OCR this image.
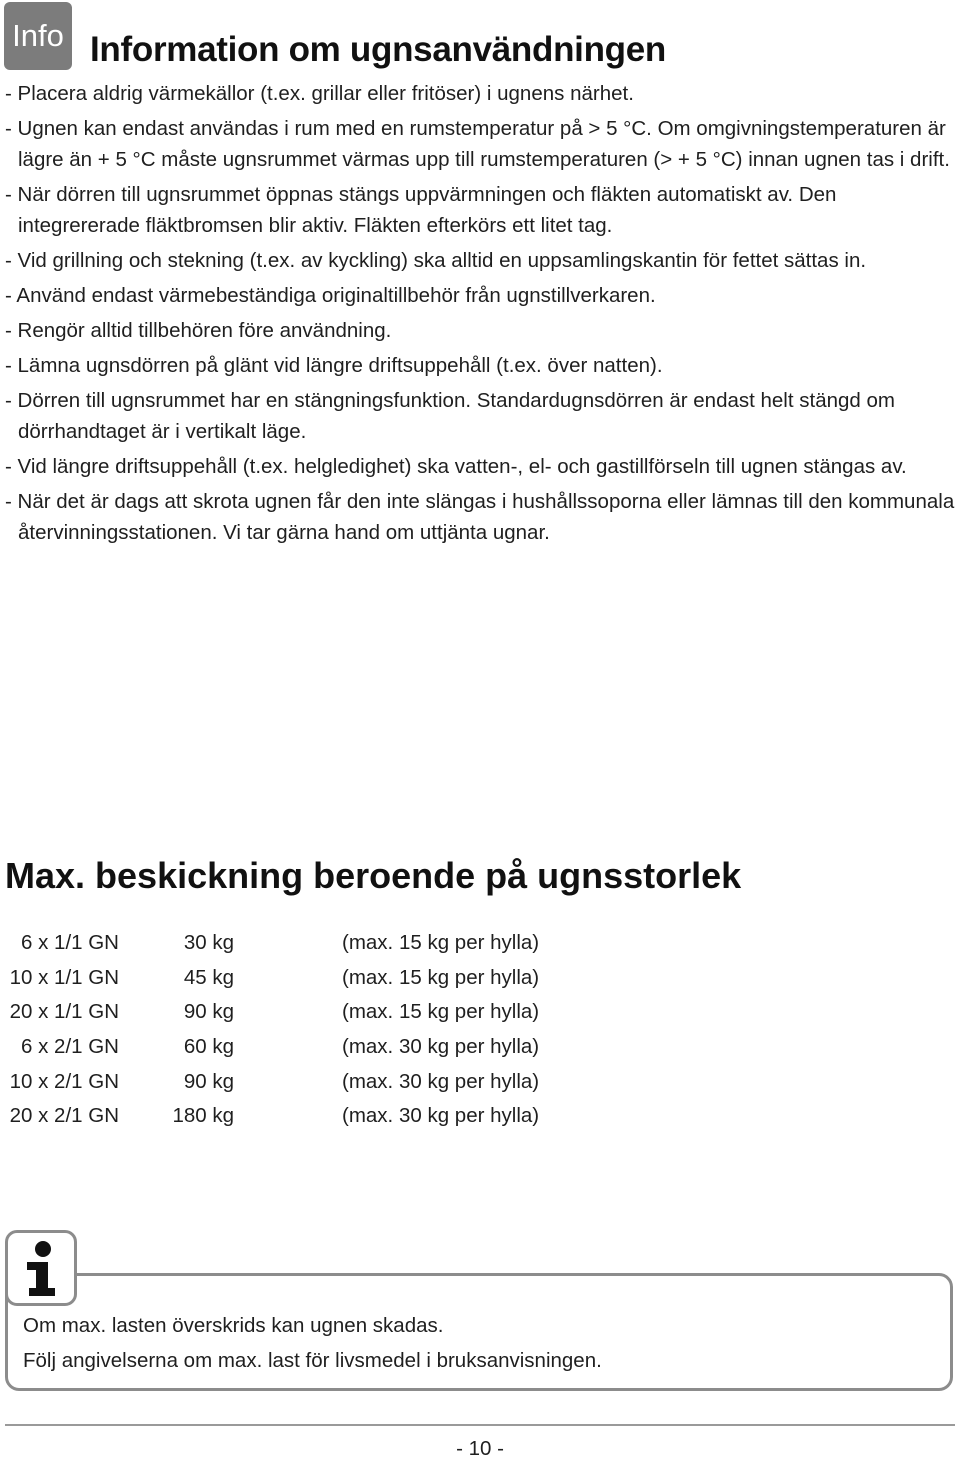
Info Information om ugnsanvändningen
- Placera aldrig värmekällor (t.ex. grillar eller fritöser) i ugnens närhet.
- Ugnen kan endast användas i rum med en rumstemperatur på > 5 °C. Om omgivningstemperaturen är lägre än + 5 °C måste ugnsrummet värmas upp till rumstemperaturen (> + 5 °C) innan ugnen tas i drift.
- När dörren till ugnsrummet öppnas stängs uppvärmningen och fläkten automatiskt av. Den integrererade fläktbromsen blir aktiv. Fläkten efterkörs ett litet tag.
- Vid grillning och stekning (t.ex. av kyckling) ska alltid en uppsamlingskantin för fettet sättas in.
- Använd endast värmebeständiga originaltillbehör från ugnstillverkaren.
- Rengör alltid tillbehören före användning.
- Lämna ugnsdörren på glänt vid längre driftsuppehåll (t.ex. över natten).
- Dörren till ugnsrummet har en stängningsfunktion. Standardugnsdörren är endast helt stängd om dörrhandtaget är i vertikalt läge.
- Vid längre driftsuppehåll (t.ex. helgledighet) ska vatten-, el- och gastillförseln till ugnen stängas av.
- När det är dags att skrota ugnen får den inte slängas i hushållssoporna eller lämnas till den kommunala återvinningsstationen. Vi tar gärna hand om uttjänta ugnar.
Max. beskickning beroende på ugnsstorlek
6 x 1/1 GN	30 kg	(max. 15 kg per hylla)
10 x 1/1 GN	45 kg	(max. 15 kg per hylla)
20 x 1/1 GN	90 kg	(max. 15 kg per hylla)
6 x 2/1 GN	60 kg	(max. 30 kg per hylla)
10 x 2/1 GN	90 kg	(max. 30 kg per hylla)
20 x 2/1 GN	180 kg	(max. 30 kg per hylla)
Om max. lasten överskrids kan ugnen skadas.
Följ angivelserna om max. last för livsmedel i bruksanvisningen.
- 10 -
